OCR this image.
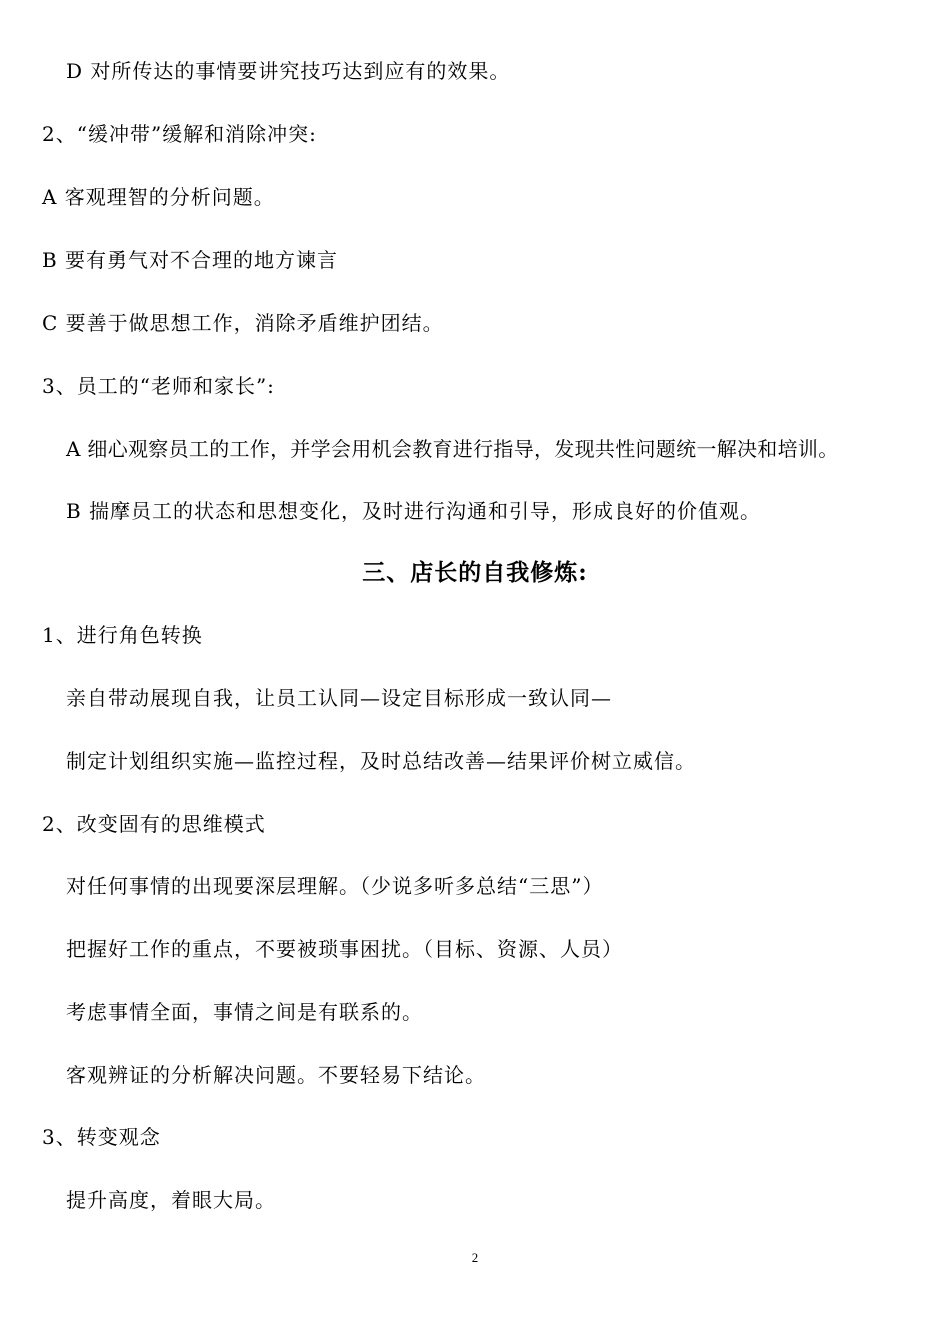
D 对所传达的事情要讲究技巧达到应有的效果。
2、“缓冲带”缓解和消除冲突:
A 客观理智的分析问题。
B 要有勇气对不合理的地方谏言
C 要善于做思想工作，消除矛盾维护团结。
3、员工的“老师和家长”:
A 细心观察员工的工作，并学会用机会教育进行指导，发现共性问题统一解决和培训。
B 揣摩员工的状态和思想变化，及时进行沟通和引导，形成良好的价值观。
三、店长的自我修炼:
1、进行角色转换
亲自带动展现自我，让员工认同—设定目标形成一致认同—
制定计划组织实施—监控过程，及时总结改善—结果评价树立威信。
2、改变固有的思维模式
对任何事情的出现要深层理解。（少说多听多总结“三思”）
把握好工作的重点，不要被琐事困扰。（目标、资源、人员）
考虑事情全面，事情之间是有联系的。
客观辨证的分析解决问题。不要轻易下结论。
3、转变观念
提升高度，着眼大局。
2
